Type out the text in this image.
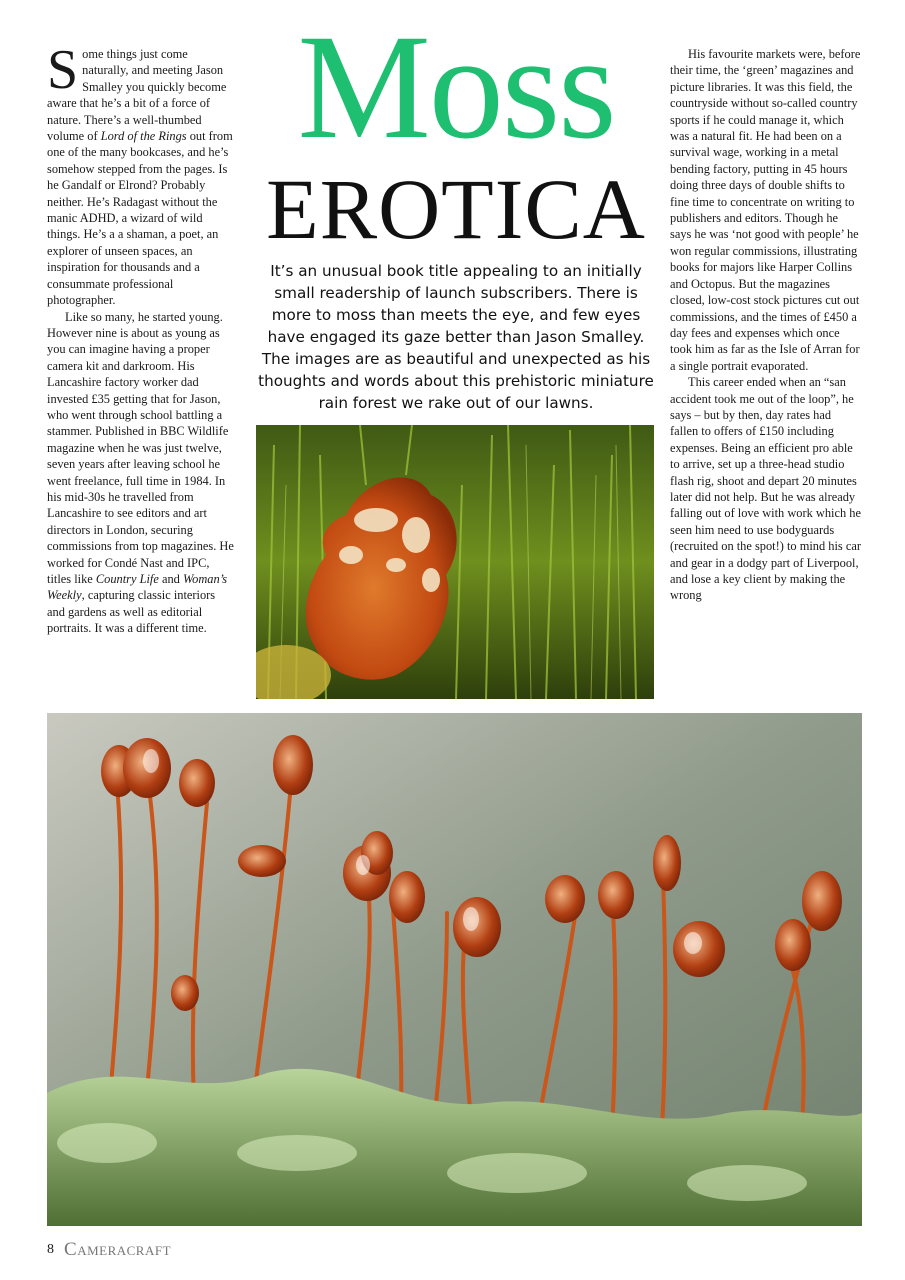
Some things just come naturally, and meeting Jason Smalley you quickly become aware that he’s a bit of a force of nature. There’s a well-thumbed volume of Lord of the Rings out from one of the many bookcases, and he’s somehow stepped from the pages. Is he Gandalf or Elrond? Probably neither. He’s Radagast without the manic ADHD, a wizard of wild things. He’s a a shaman, a poet, an explorer of unseen spaces, an inspiration for thousands and a consummate professional photographer.

Like so many, he started young. However nine is about as young as you can imagine having a proper camera kit and darkroom. His Lancashire factory worker dad invested £35 getting that for Jason, who went through school battling a stammer. Published in BBC Wildlife magazine when he was just twelve, seven years after leaving school he went freelance, full time in 1984. In his mid-30s he travelled from Lancashire to see editors and art directors in London, securing commissions from top magazines. He worked for Condé Nast and IPC, titles like Country Life and Woman’s Weekly, capturing classic interiors and gardens as well as editorial portraits. It was a different time.

Moss
EROTICA
It’s an unusual book title appealing to an initially small readership of launch subscribers. There is more to moss than meets the eye, and few eyes have engaged its gaze better than Jason Smalley. The images are as beautiful and unexpected as his thoughts and words about this prehistoric miniature rain forest we rake out of our lawns.

His favourite markets were, before their time, the ‘green’ magazines and picture libraries. It was this field, the countryside without so-called country sports if he could manage it, which was a natural fit. He had been on a survival wage, working in a metal bending factory, putting in 45 hours doing three days of double shifts to fine time to concentrate on writing to publishers and editors. Though he says he was ‘not good with people’ he won regular commissions, illustrating books for majors like Harper Collins and Octopus. But the magazines closed, low-cost stock pictures cut out commissions, and the times of £450 a day fees and expenses which once took him as far as the Isle of Arran for a single portrait evaporated.

This career ended when an “san accident took me out of the loop”, he says – but by then, day rates had fallen to offers of £150 including expenses. Being an efficient pro able to arrive, set up a three-head studio flash rig, shoot and depart 20 minutes later did not help. But he was already falling out of love with work which he seen him need to use bodyguards (recruited on the spot!) to mind his car and gear in a dodgy part of Liverpool, and lose a key client by making the wrong

8 CAMERACRAFT
